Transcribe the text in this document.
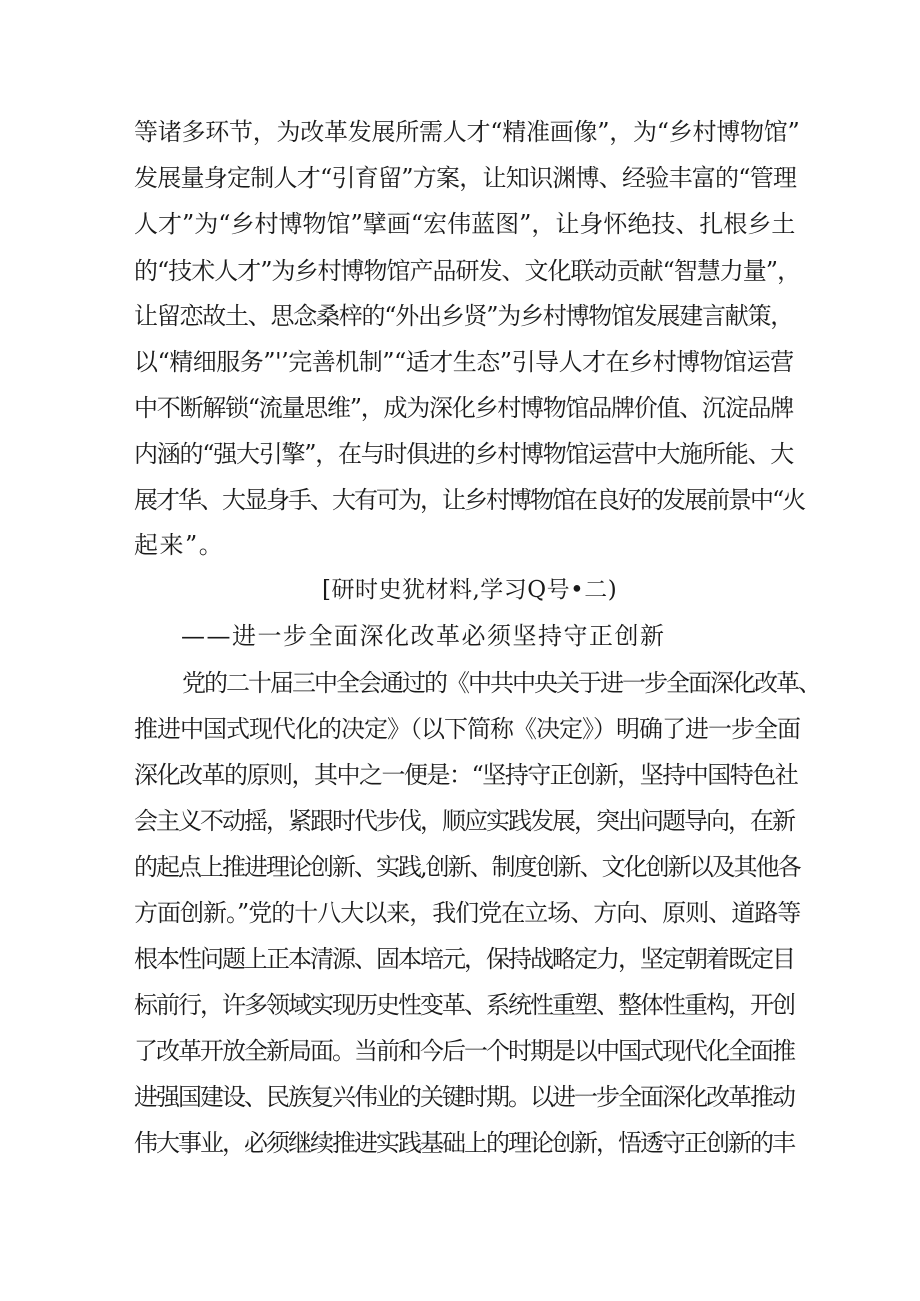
等诸多环节，为改革发展所需人才“精准画像”，为“乡村博物馆”
发展量身定制人才“引育留”方案，让知识渊博、经验丰富的“管理
人才”为“乡村博物馆”擘画“宏伟蓝图”，让身怀绝技、扎根乡土
的“技术人才”为乡村博物馆产品研发、文化联动贡献“智慧力量”，
让留恋故土、思念桑梓的“外出乡贤”为乡村博物馆发展建言献策，
以“精细服务”'’完善机制”“适才生态”引导人才在乡村博物馆运营
中不断解锁“流量思维”，成为深化乡村博物馆品牌价值、沉淀品牌
内涵的“强大引擎”，在与时俱进的乡村博物馆运营中大施所能、大
展才华、大显身手、大有可为，让乡村博物馆在良好的发展前景中“火
起来”。
[研时史犹材料,学习Q号•二)
——进一步全面深化改革必须坚持守正创新
党的二十届三中全会通过的《中共中央关于进一步全面深化改革、
推进中国式现代化的决定》（以下简称《决定》）明确了进一步全面
深化改革的原则，其中之一便是：“坚持守正创新，坚持中国特色社
会主义不动摇，紧跟时代步伐，顺应实践发展，突出问题导向，在新
的起点上推进理论创新、实践,创新、制度创新、文化创新以及其他各
方面创新。”党的十八大以来，我们党在立场、方向、原则、道路等
根本性问题上正本清源、固本培元，保持战略定力，坚定朝着既定目
标前行，许多领域实现历史性变革、系统性重塑、整体性重构，开创
了改革开放全新局面。当前和今后一个时期是以中国式现代化全面推
进强国建设、民族复兴伟业的关键时期。以进一步全面深化改革推动
伟大事业，必须继续推进实践基础上的理论创新，悟透守正创新的丰
